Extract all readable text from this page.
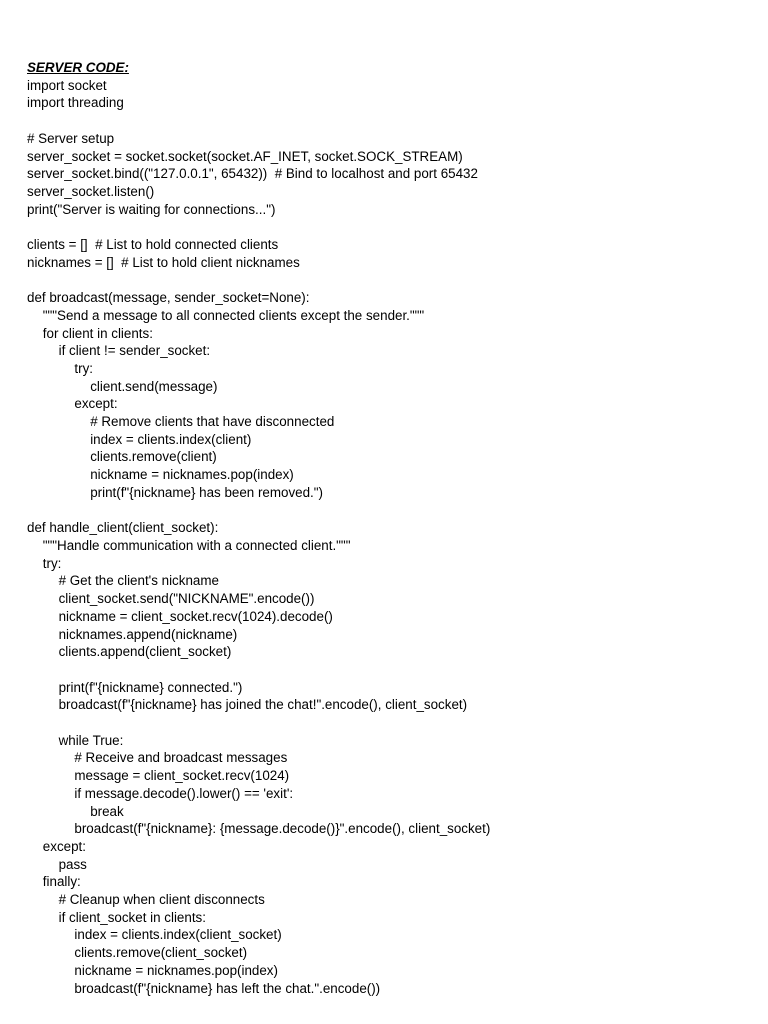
SERVER CODE:
import socket
import threading
# Server setup
server_socket = socket.socket(socket.AF_INET, socket.SOCK_STREAM)
server_socket.bind(("127.0.0.1", 65432))  # Bind to localhost and port 65432
server_socket.listen()
print("Server is waiting for connections...")
clients = []  # List to hold connected clients
nicknames = []  # List to hold client nicknames
def broadcast(message, sender_socket=None):
"""Send a message to all connected clients except the sender."""
for client in clients:
if client != sender_socket:
try:
client.send(message)
except:
# Remove clients that have disconnected
index = clients.index(client)
clients.remove(client)
nickname = nicknames.pop(index)
print(f"{nickname} has been removed.")
def handle_client(client_socket):
"""Handle communication with a connected client."""
try:
# Get the client's nickname
client_socket.send("NICKNAME".encode())
nickname = client_socket.recv(1024).decode()
nicknames.append(nickname)
clients.append(client_socket)
print(f"{nickname} connected.")
broadcast(f"{nickname} has joined the chat!".encode(), client_socket)
while True:
# Receive and broadcast messages
message = client_socket.recv(1024)
if message.decode().lower() == 'exit':
break
broadcast(f"{nickname}: {message.decode()}".encode(), client_socket)
except:
pass
finally:
# Cleanup when client disconnects
if client_socket in clients:
index = clients.index(client_socket)
clients.remove(client_socket)
nickname = nicknames.pop(index)
broadcast(f"{nickname} has left the chat.".encode())
